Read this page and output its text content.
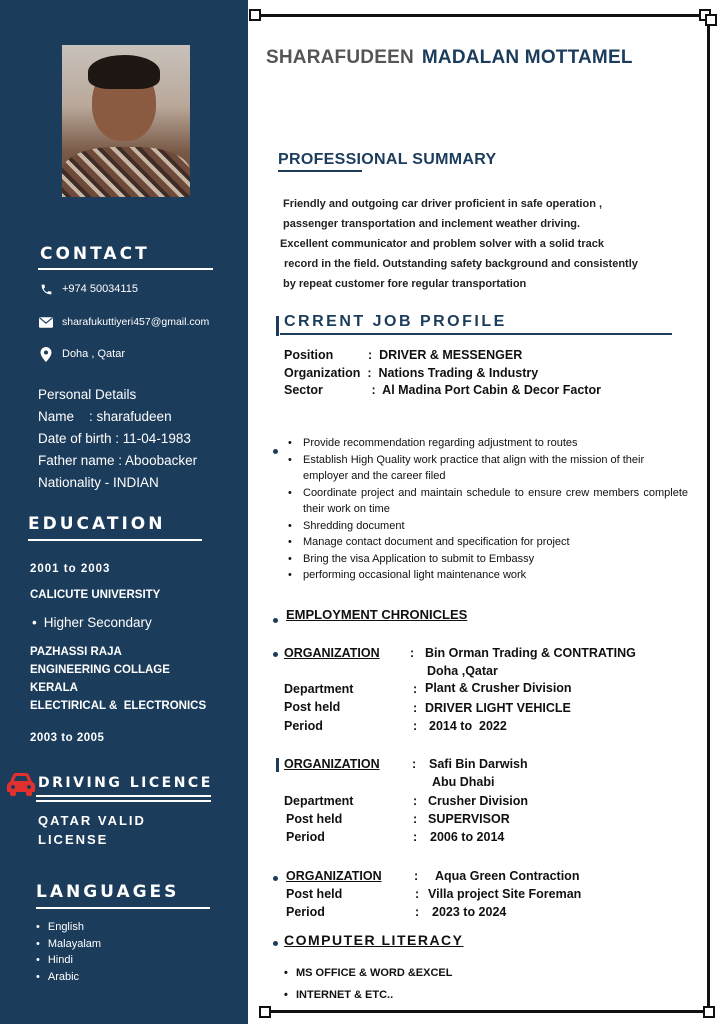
CONTACT
+974 50034115
sharafukuttiyeri457@gmail.com
Doha , Qatar
Personal Details
Name    : sharafudeen
Date of birth : 11-04-1983
Father name : Aboobacker
Nationality - INDIAN
EDUCATION
2001 to 2003
CALICUTE UNIVERSITY
• Higher Secondary
PAZHASSI RAJA
ENGINEERING COLLAGE
KERALA
ELECTIRICAL &  ELECTRONICS
2003 to 2005
DRIVING LICENCE
QATAR VALID
LICENSE
LANGUAGES
• English
• Malayalam
• Hindi
• Arabic
SHARAFUDEEN MADALAN MOTTAMEL
PROFESSIONAL SUMMARY

Friendly and outgoing car driver proficient in safe operation ,

passenger transportation and inclement weather driving.

Excellent communicator and problem solver with a solid track

record in the field. Outstanding safety background and consistently

by repeat customer fore regular transportation

CRRENT JOB PROFILE
Position          :  DRIVER & MESSENGER
Organization  :  Nations Trading & Industry
Sector              :  Al Madina Port Cabin & Decor Factor
• Provide recommendation regarding adjustment to routes
• Establish High Quality work practice that align with the mission of their employer and the career filed
• Coordinate project and maintain schedule to ensure crew members complete their work on time
• Shredding document
• Manage contact document and specification for project
• Bring the visa Application to submit to Embassy
• performing occasional light maintenance work
EMPLOYMENT CHRONICLES
ORGANIZATION : Bin Orman Trading & CONTRATING
Doha ,Qatar
Department	: Plant & Crusher Division
Post held	: DRIVER LIGHT VEHICLE
Period	: 2014 to  2022
ORGANIZATION	: Safi Bin Darwish
Abu Dhabi
Department	: Crusher Division
Post held	: SUPERVISOR
Period	: 2006 to 2014
ORGANIZATION	: Aqua Green Contraction
Post held	: Villa project Site Foreman
Period	: 2023 to 2024
COMPUTER LITERACY
• MS OFFICE & WORD &EXCEL
• INTERNET & ETC..
